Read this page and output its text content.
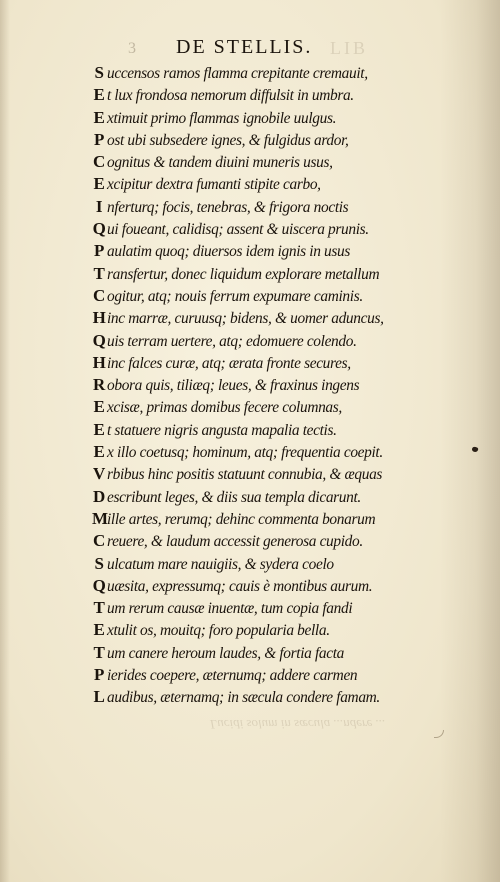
3 DE STELLIS. LIB
S uccensos ramos flamma crepitante cremauit,
E t lux frondosa nemorum diffulsit in umbra.
E xtimuit primo flammas ignobile uulgus.
P ost ubi subsedere ignes, & fulgidus ardor,
C ognitus & tandem diuini muneris usus,
E xcipitur dextra fumanti stipite carbo,
I nferturq; focis, tenebras, & frigora noctis
Q ui foueant, calidisq; assent & uiscera prunis.
P aulatim quoq; diuersos idem ignis in usus
T ransfertur, donec liquidum explorare metallum
C ogitur, atq; nouis ferrum expumare caminis.
H inc marræ, curuusq; bidens, & uomer aduncus,
Q uis terram uertere, atq; edomuere colendo.
H inc falces curæ, atq; ærata fronte secures,
R obora quis, tiliæq; leues, & fraxinus ingens
E xcisæ, primas domibus fecere columnas,
E t statuere nigris angusta mapalia tectis.
E x illo coetusq; hominum, atq; frequentia coepit.
V rbibus hinc positis statuunt connubia, & æquas
D escribunt leges, & diis sua templa dicarunt.
M ille artes, rerumq; dehinc commenta bonarum
C reuere, & laudum accessit generosa cupido.
S ulcatum mare nauigiis, & sydera coelo
Q uæsita, expressumq; cauis è montibus aurum.
T um rerum causæ inuentæ, tum copia fandi
E xtulit os, mouitq; foro popularia bella.
T um canere heroum laudes, & fortia facta
P ierides coepere, æternumq; addere carmen
L audibus, æternamq; in sæcula condere famam.
Lucidi solum in sæcula ...ndere ...
